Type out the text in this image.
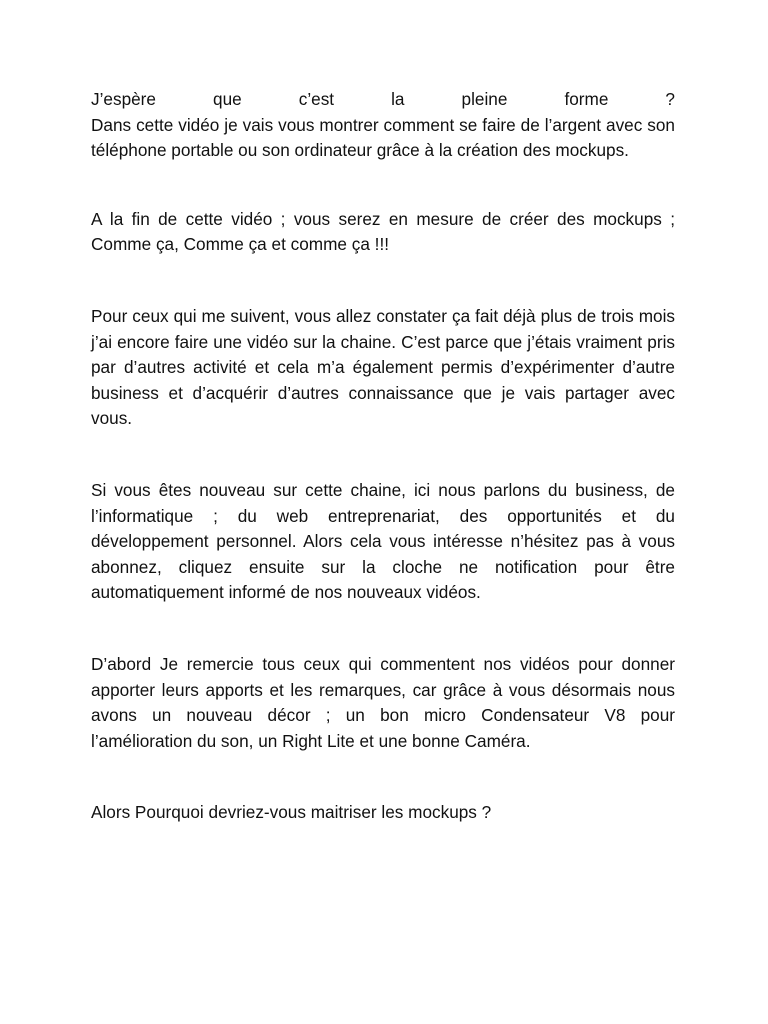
J’espère que c’est la pleine forme ?
Dans cette vidéo je vais vous montrer comment se faire de l’argent avec son téléphone portable ou son ordinateur grâce à la création des mockups.
A la fin de cette vidéo ; vous serez en mesure de créer des mockups ;
Comme ça, Comme ça et comme ça !!!

Pour ceux qui me suivent, vous allez constater ça fait déjà plus de trois mois j’ai encore faire une vidéo sur la chaine. C’est parce que j’étais vraiment pris par d’autres activité et cela m’a également permis d’expérimenter d’autre business et d’acquérir d’autres connaissance que je vais partager avec vous.

Si vous êtes nouveau sur cette chaine, ici nous parlons du business, de l’informatique ; du web entreprenariat, des opportunités et du développement personnel. Alors cela vous intéresse n’hésitez pas à vous abonnez, cliquez ensuite sur la cloche ne notification pour être automatiquement informé de nos nouveaux vidéos.

D’abord Je remercie tous ceux qui commentent nos vidéos pour donner apporter leurs apports et les remarques, car grâce à vous désormais nous avons un nouveau décor ; un bon micro Condensateur V8 pour l’amélioration du son, un Right Lite et une bonne Caméra.

Alors Pourquoi devriez-vous maitriser les mockups ?
